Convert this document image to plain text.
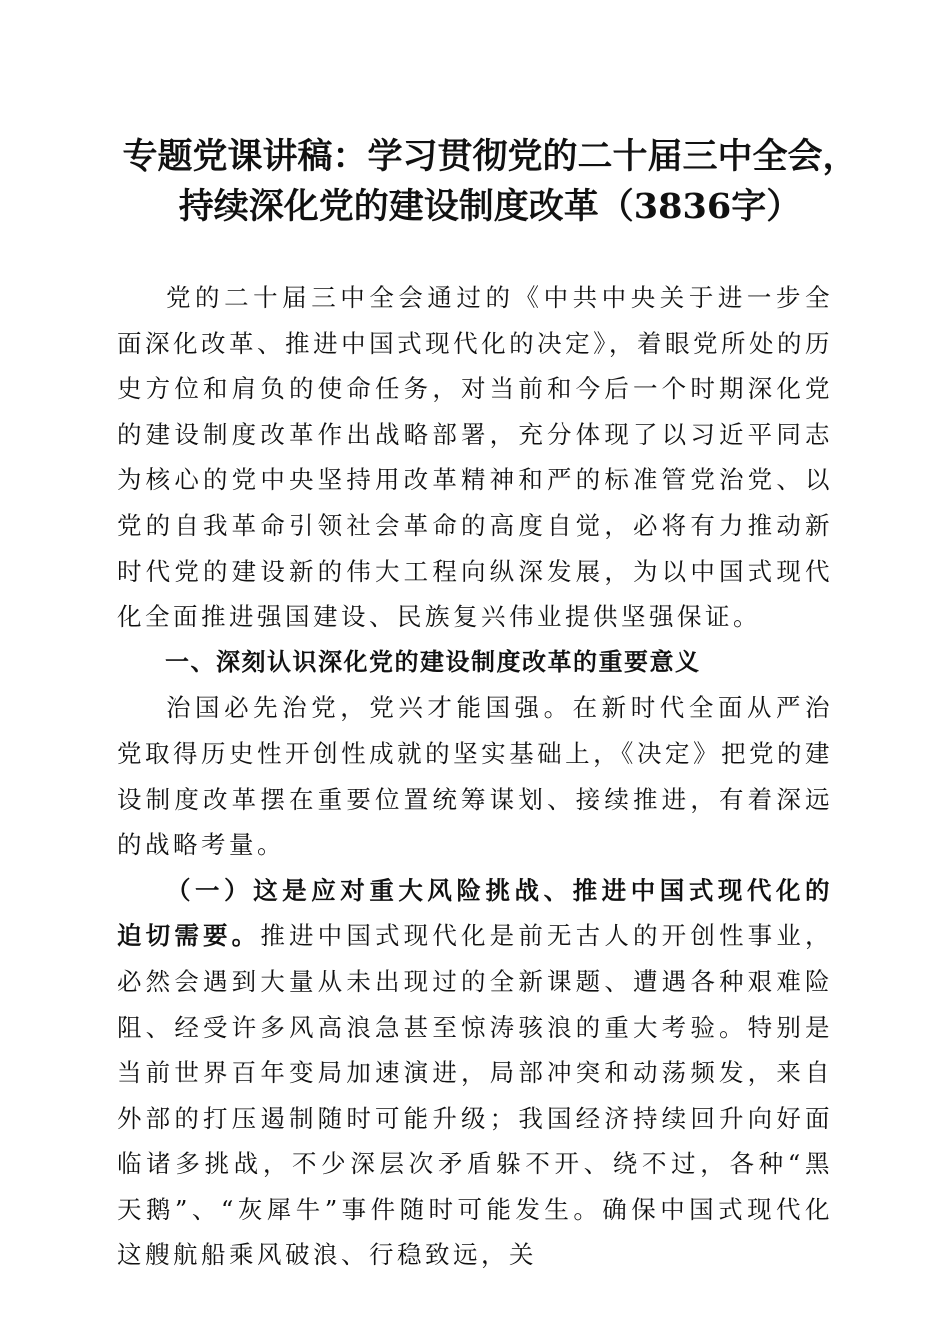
专题党课讲稿：学习贯彻党的二十届三中全会，
持续深化党的建设制度改革（3836字）

党的二十届三中全会通过的《中共中央关于进一步全面深化改革、推进中国式现代化的决定》，着眼党所处的历史方位和肩负的使命任务，对当前和今后一个时期深化党的建设制度改革作出战略部署，充分体现了以习近平同志为核心的党中央坚持用改革精神和严的标准管党治党、以党的自我革命引领社会革命的高度自觉，必将有力推动新时代党的建设新的伟大工程向纵深发展，为以中国式现代化全面推进强国建设、民族复兴伟业提供坚强保证。

一、深刻认识深化党的建设制度改革的重要意义

治国必先治党，党兴才能国强。在新时代全面从严治党取得历史性开创性成就的坚实基础上，《决定》把党的建设制度改革摆在重要位置统筹谋划、接续推进，有着深远的战略考量。

（一）这是应对重大风险挑战、推进中国式现代化的迫切需要。推进中国式现代化是前无古人的开创性事业，必然会遇到大量从未出现过的全新课题、遭遇各种艰难险阻、经受许多风高浪急甚至惊涛骇浪的重大考验。特别是当前世界百年变局加速演进，局部冲突和动荡频发，来自外部的打压遏制随时可能升级；我国经济持续回升向好面临诸多挑战，不少深层次矛盾躲不开、绕不过，各种“黑天鹅”、“灰犀牛”事件随时可能发生。确保中国式现代化这艘航船乘风破浪、行稳致远，关
